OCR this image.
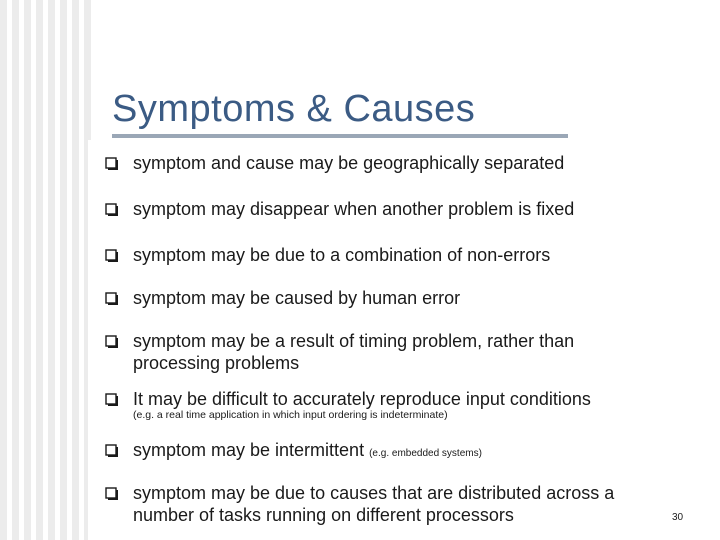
Symptoms & Causes
symptom and cause may be geographically separated
symptom may disappear when another problem is fixed
symptom may be due to a combination of non-errors
symptom may be caused by human error
symptom may be a result of timing problem, rather than processing problems
It may be difficult to accurately reproduce input conditions
(e.g. a real time application in which input ordering is indeterminate)
symptom may be intermittent (e.g. embedded systems)
symptom may be due to causes that are distributed across a number of tasks running on different processors	30
